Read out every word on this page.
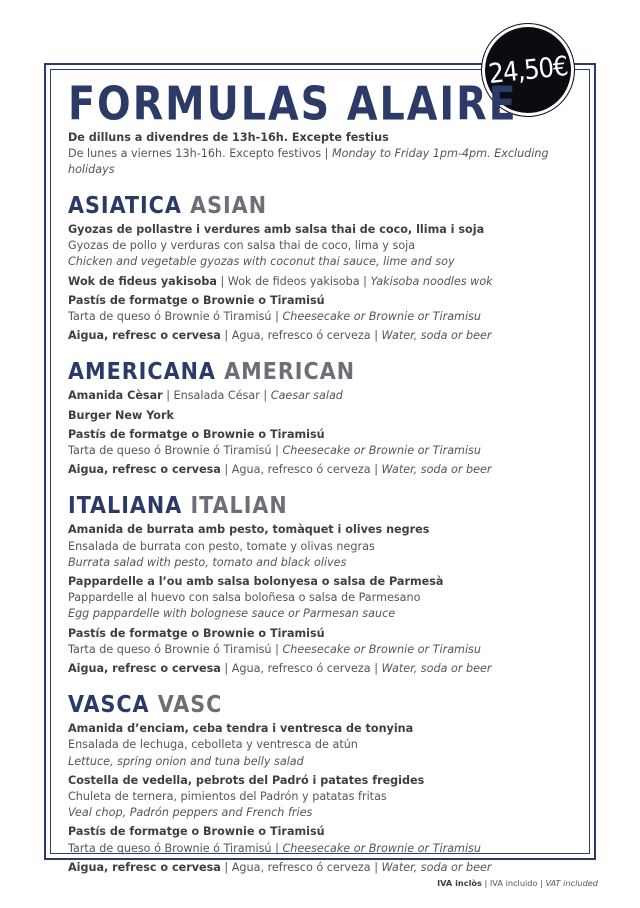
24,50€
FORMULAS ALAIRE

De dilluns a divendres de 13h-16h. Excepte festius

De lunes a viernes 13h-16h. Excepto festivos | Monday to Friday 1pm-4pm. Excluding holidays

ASIATICA ASIAN

Gyozas de pollastre i verdures amb salsa thai de coco, llima i soja

Gyozas de pollo y verduras con salsa thai de coco, lima y soja

Chicken and vegetable gyozas with coconut thai sauce, lime and soy

Wok de fideus yakisoba | Wok de fideos yakisoba | Yakisoba noodles wok

Pastís de formatge o Brownie o Tiramisú

Tarta de queso ó Brownie ó Tiramisú | Cheesecake or Brownie or Tiramisu

Aigua, refresc o cervesa | Agua, refresco ó cerveza | Water, soda or beer

AMERICANA AMERICAN

Amanida Cèsar | Ensalada César | Caesar salad

Burger New York

Pastís de formatge o Brownie o Tiramisú

Tarta de queso ó Brownie ó Tiramisú | Cheesecake or Brownie or Tiramisu

Aigua, refresc o cervesa | Agua, refresco ó cerveza | Water, soda or beer

ITALIANA ITALIAN

Amanida de burrata amb pesto, tomàquet i olives negres

Ensalada de burrata con pesto, tomate y olivas negras

Burrata salad with pesto, tomato and black olives

Pappardelle a l’ou amb salsa bolonyesa o salsa de Parmesà

Pappardelle al huevo con salsa boloñesa o salsa de Parmesano

Egg pappardelle with bolognese sauce or Parmesan sauce

Pastís de formatge o Brownie o Tiramisú

Tarta de queso ó Brownie ó Tiramisú | Cheesecake or Brownie or Tiramisu

Aigua, refresc o cervesa | Agua, refresco ó cerveza | Water, soda or beer

VASCA VASC

Amanida d’enciam, ceba tendra i ventresca de tonyina

Ensalada de lechuga, cebolleta y ventresca de atún

Lettuce, spring onion and tuna belly salad

Costella de vedella, pebrots del Padró i patates fregides

Chuleta de ternera, pimientos del Padrón y patatas fritas

Veal chop, Padrón peppers and French fries

Pastís de formatge o Brownie o Tiramisú

Tarta de queso ó Brownie ó Tiramisú | Cheesecake or Brownie or Tiramisu

Aigua, refresc o cervesa | Agua, refresco ó cerveza | Water, soda or beer

IVA inclòs | IVA incluido | VAT included
